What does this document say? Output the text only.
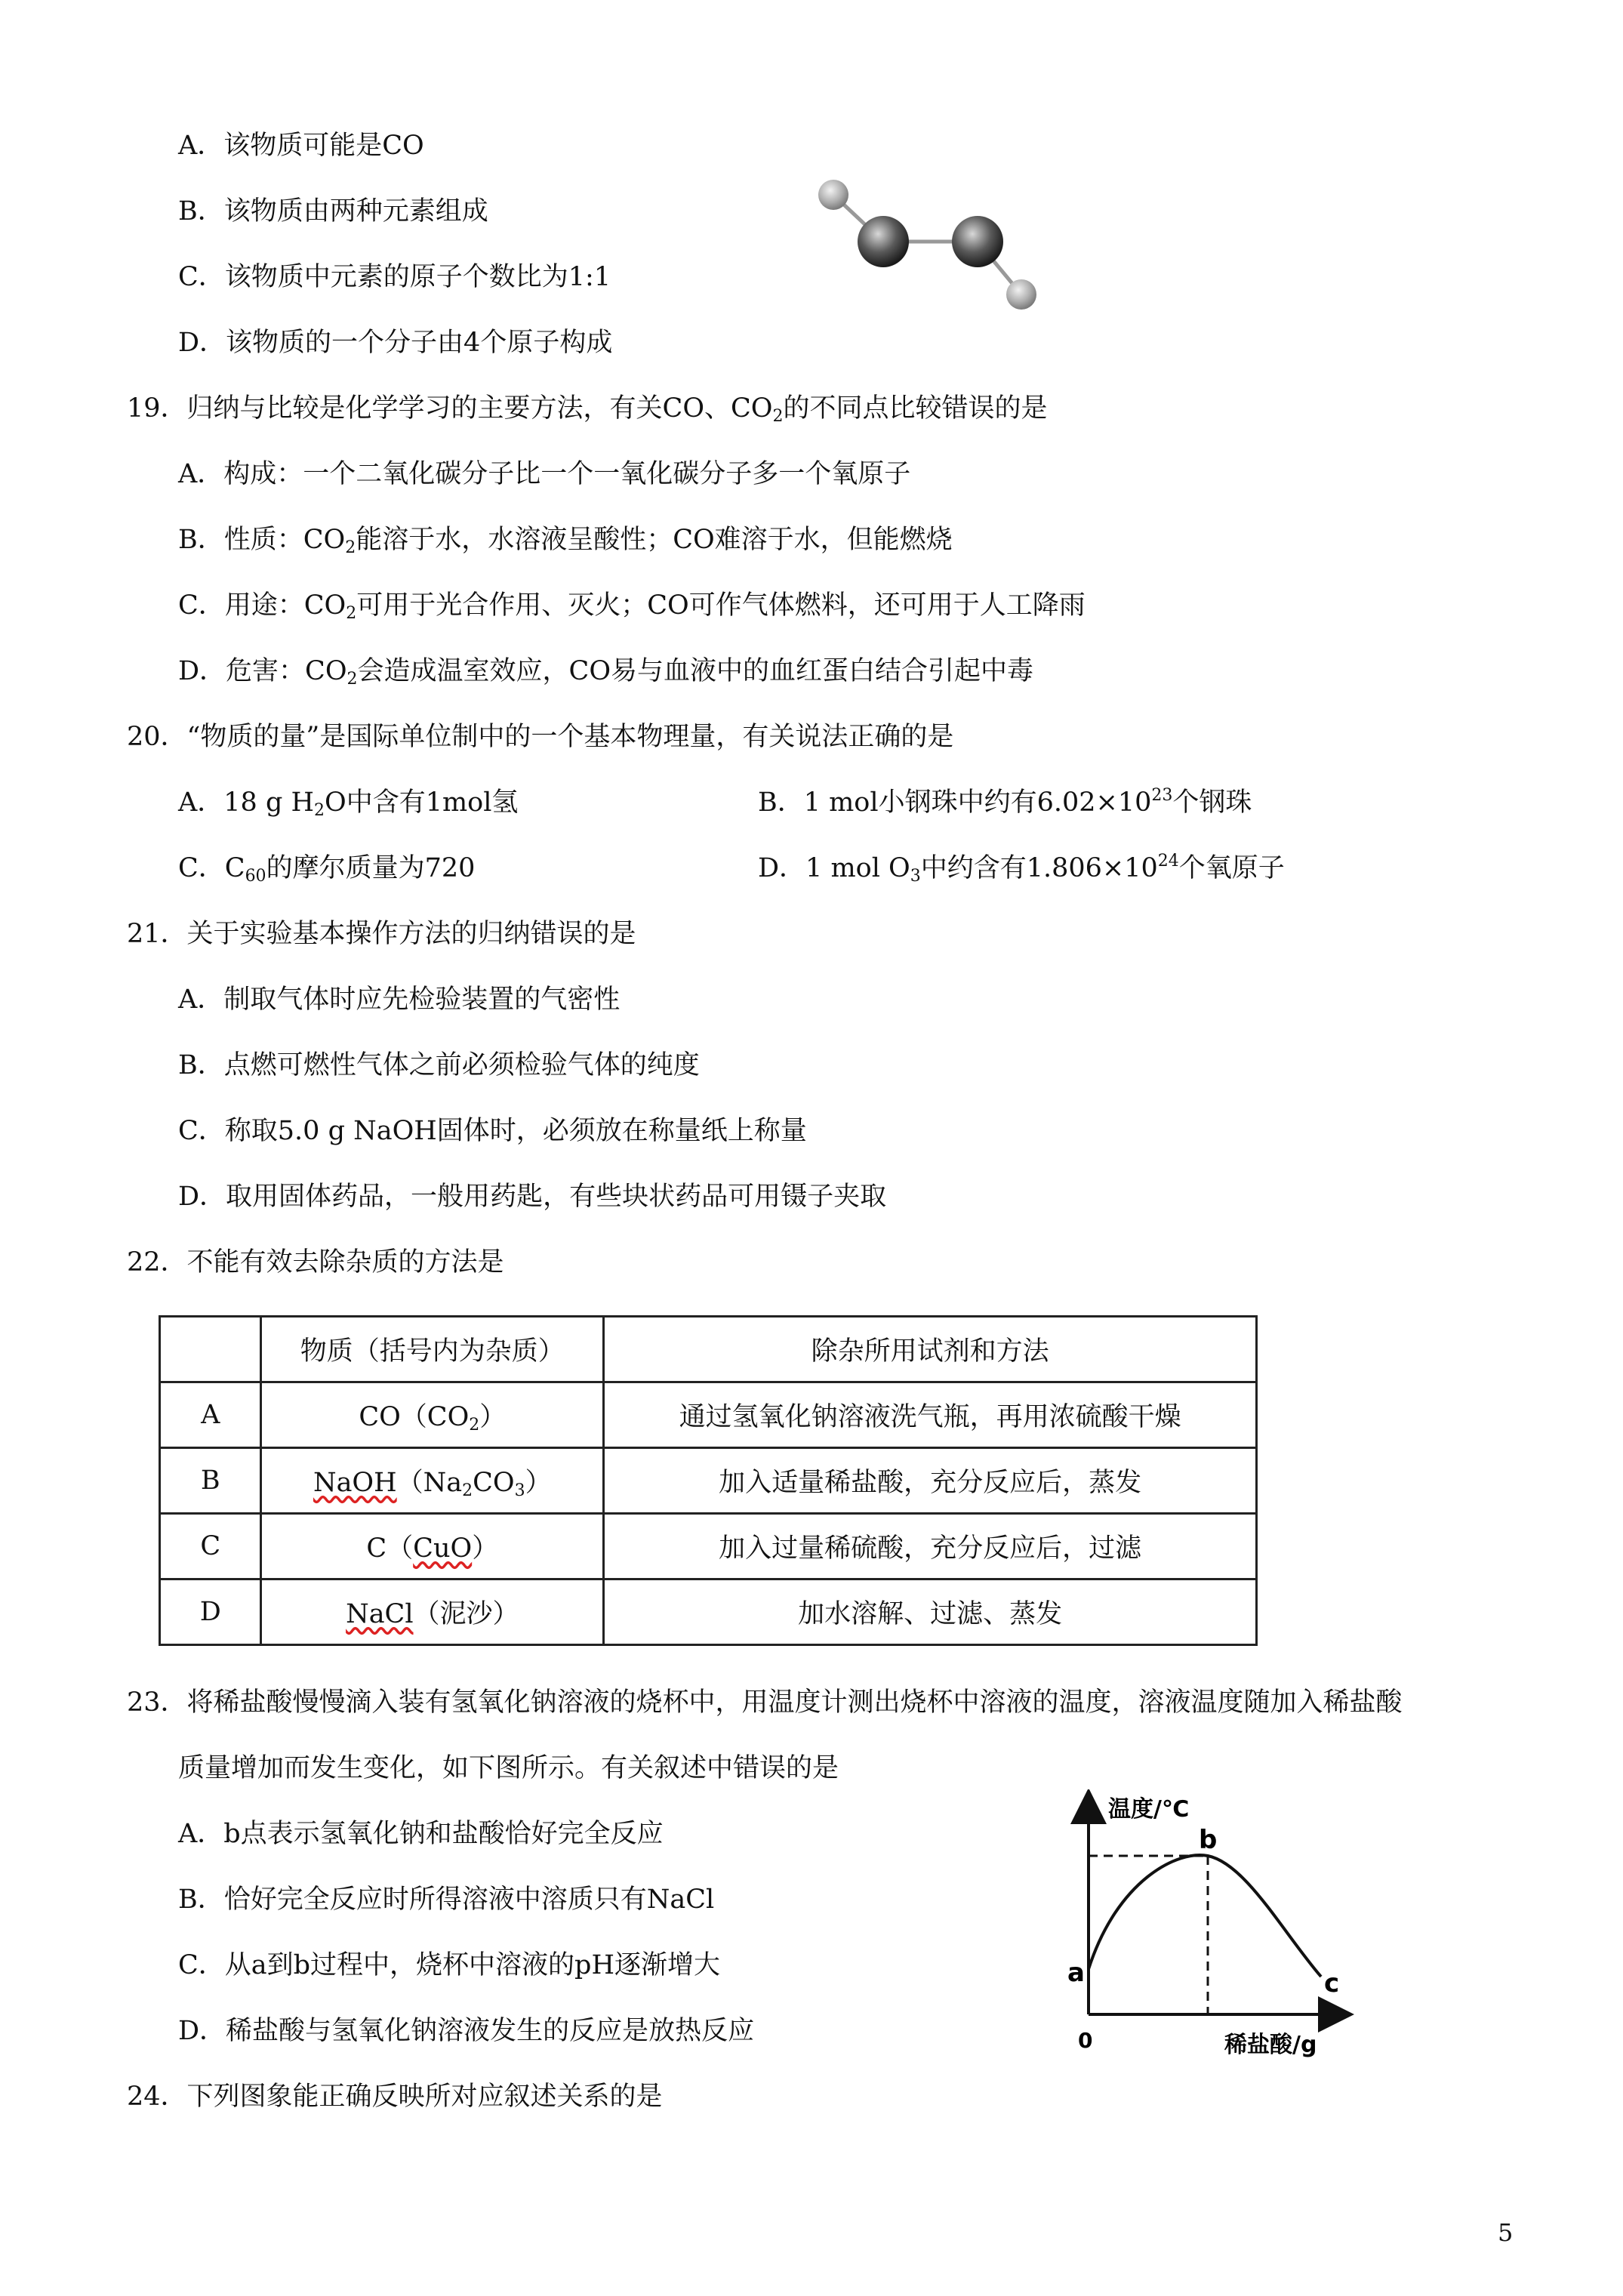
A．该物质可能是CO
B．该物质由两种元素组成
C．该物质中元素的原子个数比为1:1
D．该物质的一个分子由4个原子构成
19．归纳与比较是化学学习的主要方法，有关CO、$CO_2$的不同点比较错误的是
A．构成：一个二氧化碳分子比一个一氧化碳分子多一个氧原子
B．性质：$CO_2$能溶于水，水溶液呈酸性；CO难溶于水，但能燃烧
C．用途：$CO_2$可用于光合作用、灭火；CO可作气体燃料，还可用于人工降雨
D．危害：$CO_2$会造成温室效应，CO易与血液中的血红蛋白结合引起中毒
20．“物质的量”是国际单位制中的一个基本物理量，有关说法正确的是
A．18 g $H_2O$中含有1mol氢	B．1 mol小钢珠中约有$6.02\times 10^{23}$个钢珠
C．$C_{60}$的摩尔质量为720	D．1 mol $O_3$中约含有$1.806\times 10^{24}$个氧原子
21．关于实验基本操作方法的归纳错误的是
A．制取气体时应先检验装置的气密性
B．点燃可燃性气体之前必须检验气体的纯度
C．称取5.0 g NaOH固体时，必须放在称量纸上称量
D．取用固体药品，一般用药匙，有些块状药品可用镊子夹取
22．不能有效去除杂质的方法是
	物质（括号内为杂质）	除杂所用试剂和方法
A	$CO(CO_2)$	通过氢氧化钠溶液洗气瓶，再用浓硫酸干燥
B	$NaOH(Na_2CO_3)$	加入适量稀盐酸，充分反应后，蒸发
C	C（CuO）	加入过量稀硫酸，充分反应后，过滤
D	NaCl（泥沙）	加水溶解、过滤、蒸发
23．将稀盐酸慢慢滴入装有氢氧化钠溶液的烧杯中，用温度计测出烧杯中溶液的温度，溶液温度随加入稀盐酸
质量增加而发生变化，如下图所示。有关叙述中错误的是
A．b点表示氢氧化钠和盐酸恰好完全反应
B．恰好完全反应时所得溶液中溶质只有NaCl
C．从a到b过程中，烧杯中溶液的pH逐渐增大
D．稀盐酸与氢氧化钠溶液发生的反应是放热反应
温度/℃
稀盐酸/g
0
a
b
c
24．下列图象能正确反映所对应叙述关系的是
5
